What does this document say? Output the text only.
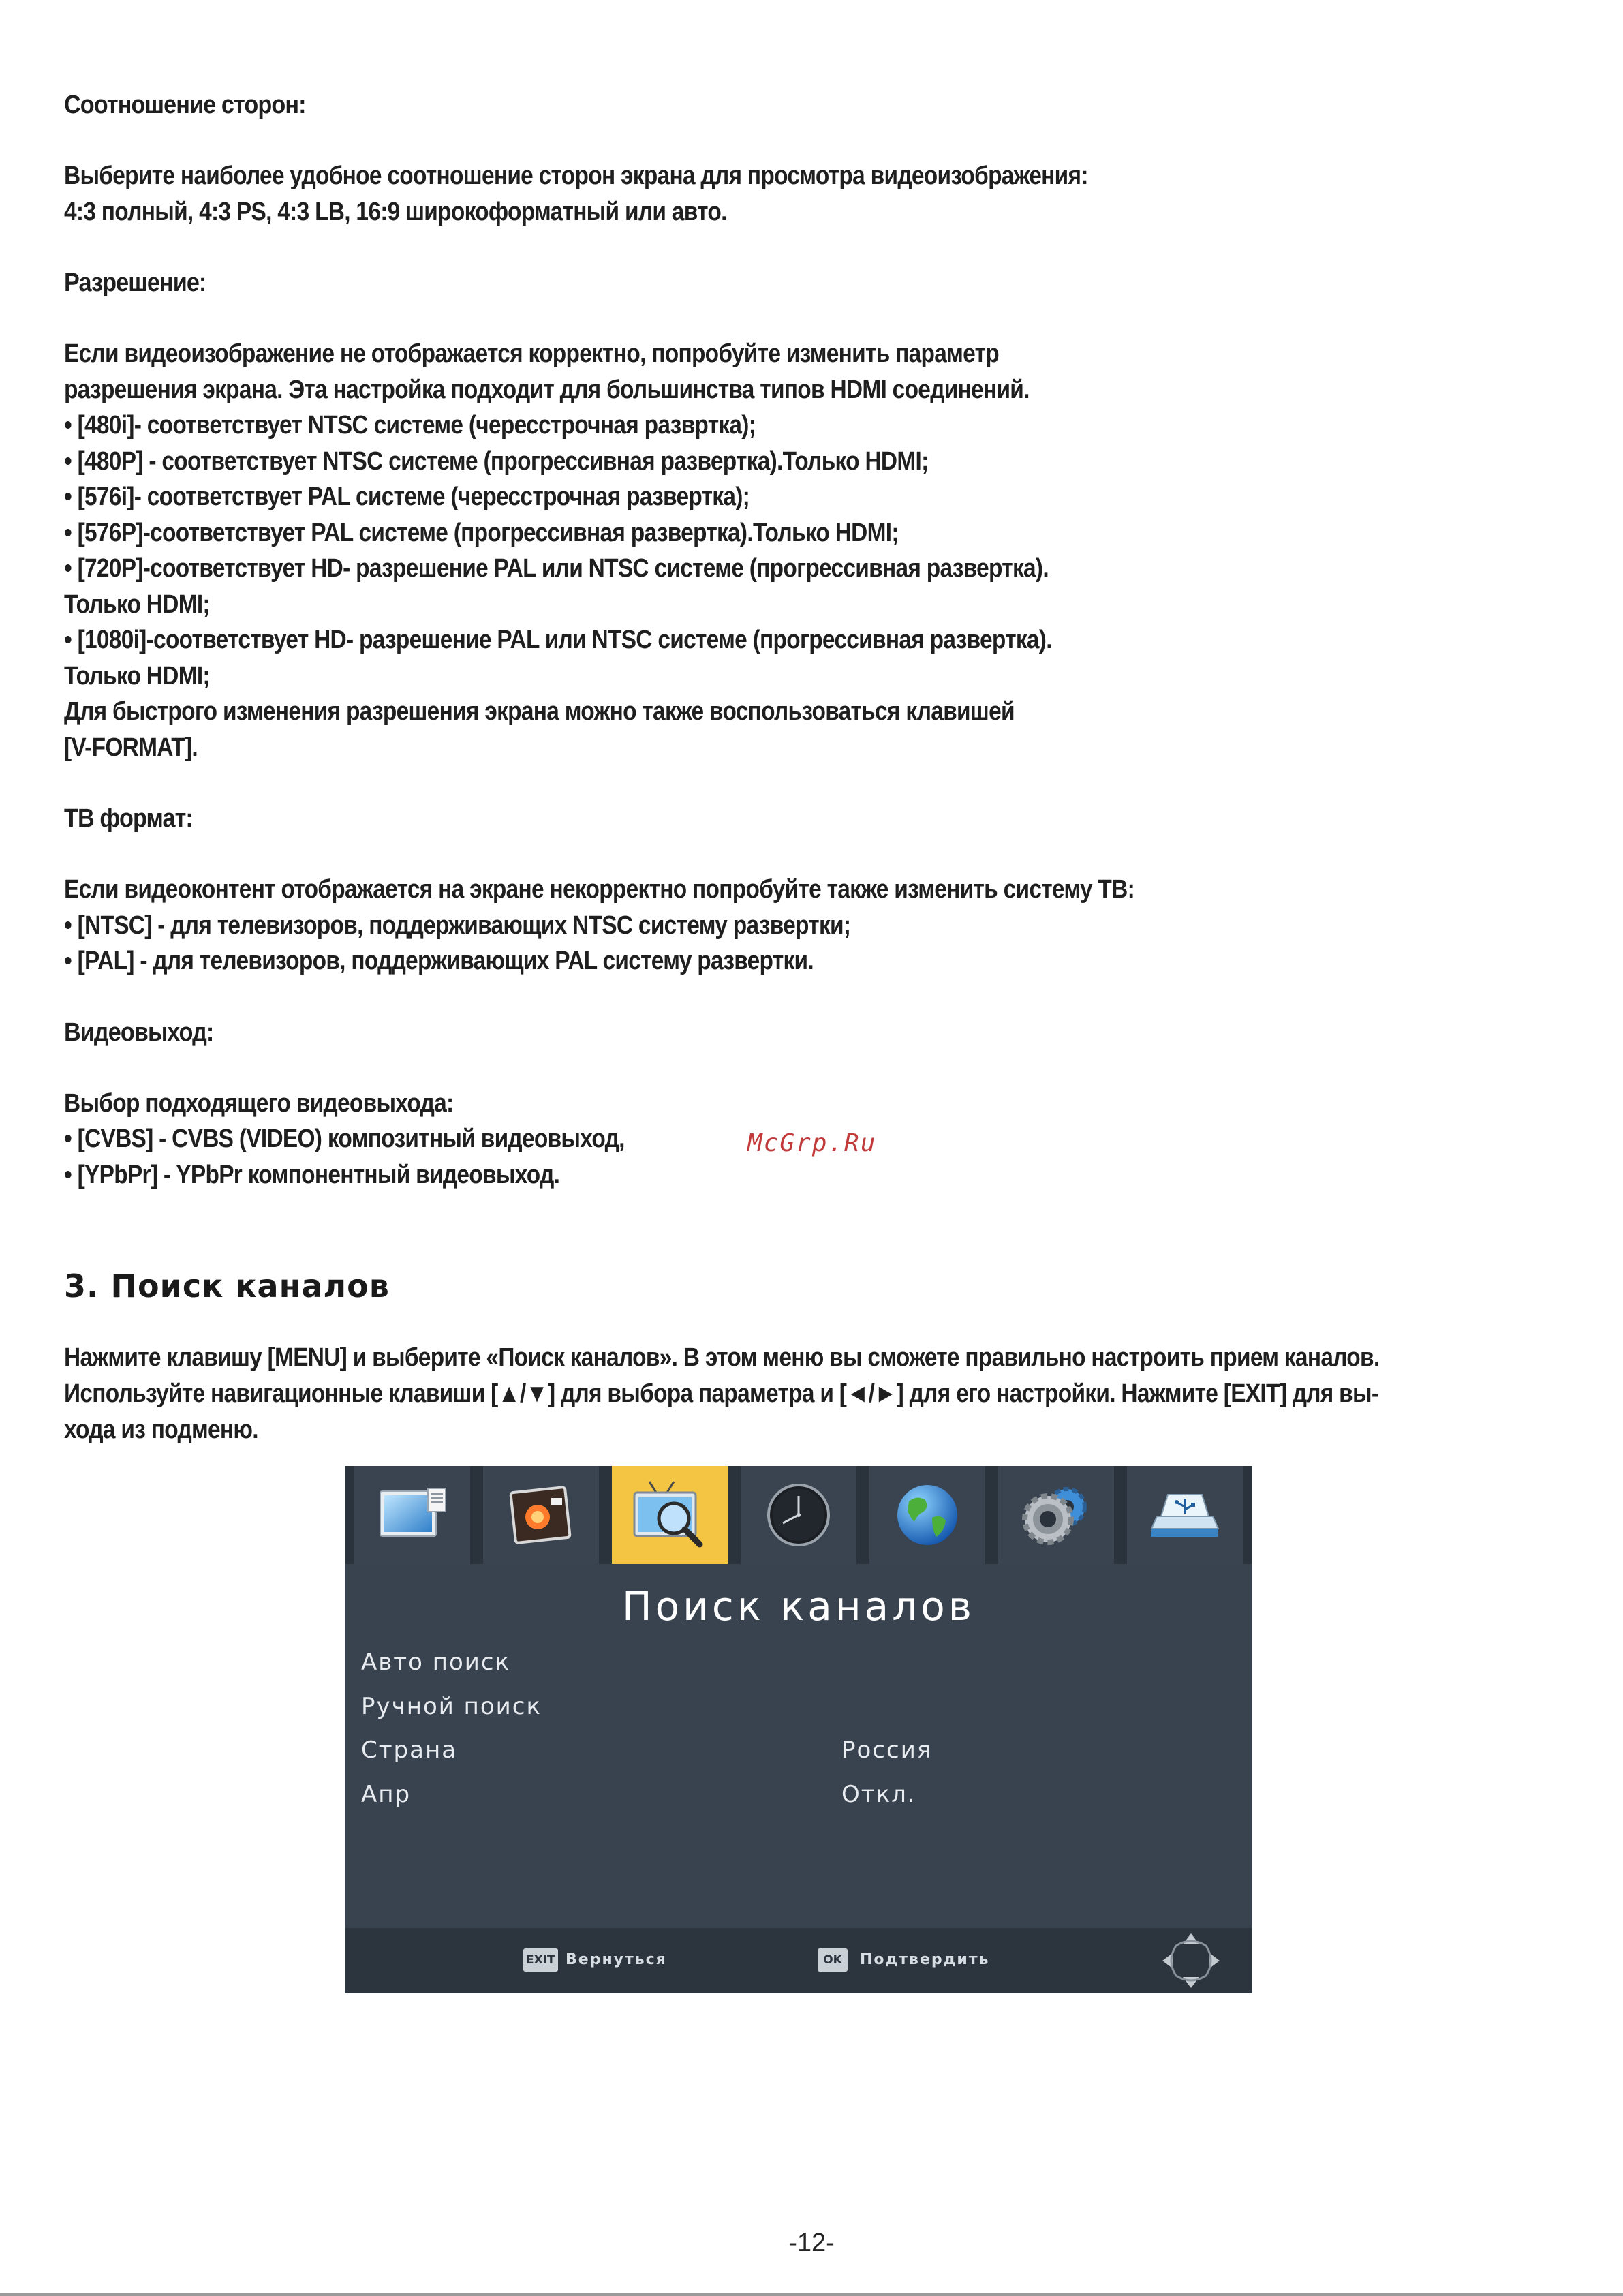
Соотношение сторон:
Выберите наиболее удобное соотношение сторон экрана для просмотра видеоизображения:
4:3 полный, 4:3 PS, 4:3 LB, 16:9 широкоформатный или авто.
Разрешение:
Если видеоизображение не отображается корректно, попробуйте изменить параметр
разрешения экрана. Эта настройка подходит для большинства типов HDMI соединений.
• [480i]- соответствует NTSC системе (чересстрочная развртка);
• [480P] - соответствует NTSC системе (прогрессивная развертка).Только HDMI;
• [576i]- соответствует PAL системе (чересстрочная развертка);
• [576P]-соответствует PAL системе (прогрессивная развертка).Только HDMI;
• [720P]-соответствует HD- разрешение PAL или NTSC системе (прогрессивная развертка).
Только HDMI;
• [1080i]-соответствует HD- разрешение PAL или NTSC системе (прогрессивная развертка).
Только HDMI;
Для быстрого изменения разрешения экрана можно также воспользоваться клавишей
[V-FORMAT].
ТВ формат:
Если видеоконтент отображается на экране некорректно попробуйте также изменить систему ТВ:
• [NTSC] - для телевизоров, поддерживающих NTSC систему развертки;
• [PAL] - для телевизоров, поддерживающих PAL систему развертки.
Видеовыход:
Выбор подходящего видеовыхода:
• [CVBS] - CVBS (VIDEO) композитный видеовыход,
• [YPbPr] - YPbPr компонентный видеовыход.
McGrp.Ru
3. Поиск каналов
Нажмите клавишу [MENU] и выберите «Поиск каналов». В этом меню вы сможете правильно настроить прием каналов.
Используйте навигационные клавиши [▲/▼] для выбора параметра и [◄/►] для его настройки. Нажмите [EXIT] для вы-
хода из подменю.
Поиск каналов
Авто поиск
Ручной поиск
Страна	Россия
Апр	Откл.
EXIT Вернуться	OK	Подтвердить
-12-
